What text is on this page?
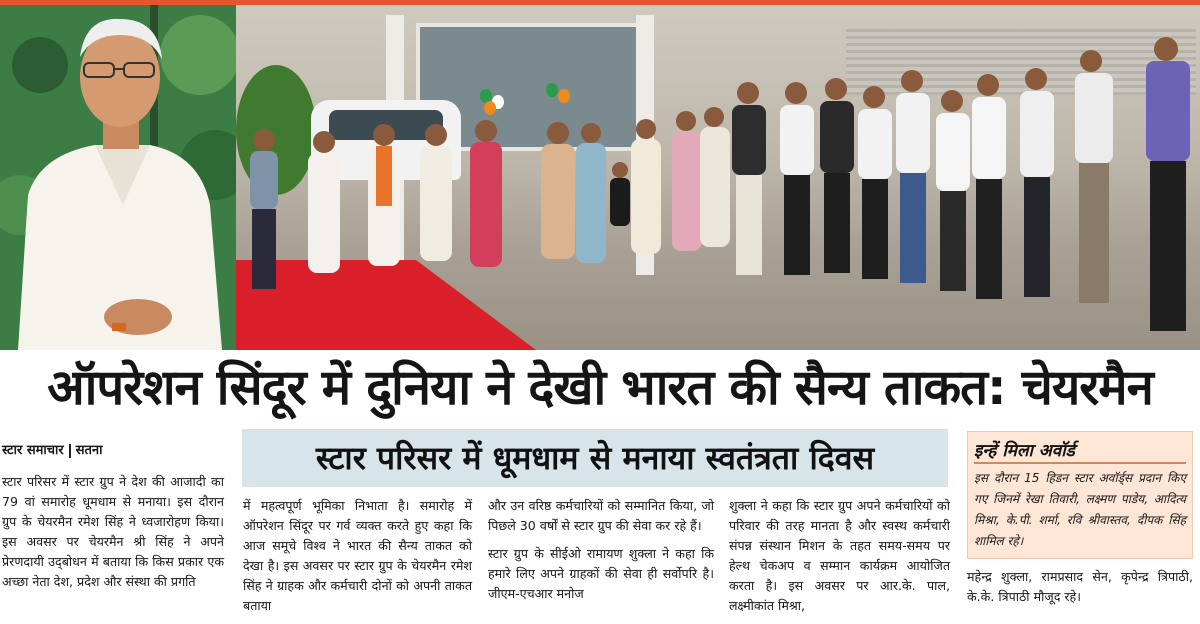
ऑपरेशन सिंदूर में दुनिया ने देखी भारत की सैन्य ताकत: चेयरमैन
स्टार समाचार सतना	स्टार परिसर में धूमधाम से मनाया स्वतंत्रता दिवस

स्टार परिसर में स्टार ग्रुप ने देश की आजादी का 79 वां समारोह धूमधाम से मनाया। इस दौरान ग्रुप के चेयरमैन रमेश सिंह ने ध्वजारोहण किया। इस अवसर पर चेयरमैन श्री सिंह ने अपने प्रेरणदायी उद्‌बोधन में बताया कि किस प्रकार एक अच्छा नेता देश, प्रदेश और संस्था की प्रगति

में महत्वपूर्ण भूमिका निभाता है। समारोह में ऑपरेशन सिंदूर पर गर्व व्यक्त करते हुए कहा कि आज समूचे विश्व ने भारत की सैन्य ताकत को देखा है। इस अवसर पर स्टार ग्रुप के चेयरमैन रमेश सिंह ने ग्राहक और कर्मचारी दोनों को अपनी ताकत बताया

और उन वरिष्ठ कर्मचारियों को सम्मानित किया, जो पिछले 30 वर्षों से स्टार ग्रुप की सेवा कर रहे हैं।

स्टार ग्रुप के सीईओ रामायण शुक्ला ने कहा कि हमारे लिए अपने ग्राहकों की सेवा ही सर्वोपरि है। जीएम-एचआर मनोज

शुक्ला ने कहा कि स्टार ग्रुप अपने कर्मचारियों को परिवार की तरह मानता है और स्वस्थ कर्मचारी संपन्न संस्थान मिशन के तहत समय-समय पर हेल्थ चेकअप व सम्मान कार्यक्रम आयोजित करता है। इस अवसर पर आर.के. पाल, लक्ष्मीकांत मिश्रा,

इन्हें मिला अवॉर्ड
इस दौरान 15 हिडन स्टार अवॉर्ड्स प्रदान किए गए जिनमें रेखा तिवारी, लक्ष्मण पाडेय, आदित्य मिश्रा, के.पी. शर्मा, रवि श्रीवास्तव, दीपक सिंह शामिल रहे।

महेन्द्र शुक्ला, रामप्रसाद सेन, कृपेन्द्र त्रिपाठी, के.के. त्रिपाठी मौजूद रहे।
